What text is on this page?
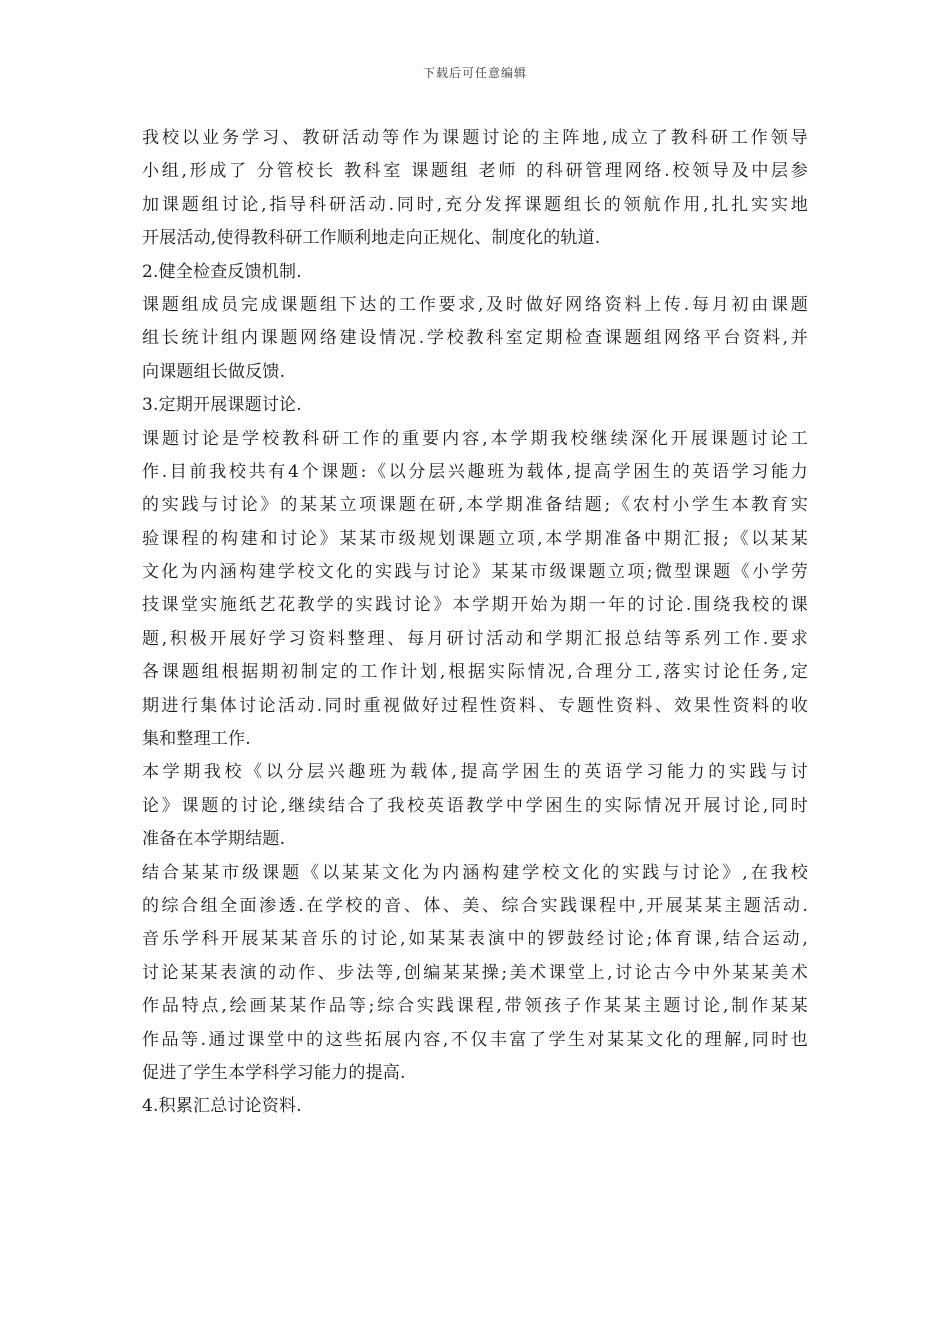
下载后可任意编辑
我校以业务学习、教研活动等作为课题讨论的主阵地,成立了教科研工作领导
小组,形成了 分管校长 教科室 课题组 老师 的科研管理网络.校领导及中层参
加课题组讨论,指导科研活动.同时,充分发挥课题组长的领航作用,扎扎实实地
开展活动,使得教科研工作顺利地走向正规化、制度化的轨道.
2.健全检查反馈机制.
课题组成员完成课题组下达的工作要求,及时做好网络资料上传.每月初由课题
组长统计组内课题网络建设情况.学校教科室定期检查课题组网络平台资料,并
向课题组长做反馈.
3.定期开展课题讨论.
课题讨论是学校教科研工作的重要内容,本学期我校继续深化开展课题讨论工
作.目前我校共有4个课题:《以分层兴趣班为载体,提高学困生的英语学习能力
的实践与讨论》的某某立项课题在研,本学期准备结题;《农村小学生本教育实
验课程的构建和讨论》某某市级规划课题立项,本学期准备中期汇报;《以某某
文化为内涵构建学校文化的实践与讨论》某某市级课题立项;微型课题《小学劳
技课堂实施纸艺花教学的实践讨论》本学期开始为期一年的讨论.围绕我校的课
题,积极开展好学习资料整理、每月研讨活动和学期汇报总结等系列工作.要求
各课题组根据期初制定的工作计划,根据实际情况,合理分工,落实讨论任务,定
期进行集体讨论活动.同时重视做好过程性资料、专题性资料、效果性资料的收
集和整理工作.
本学期我校《以分层兴趣班为载体,提高学困生的英语学习能力的实践与讨
论》课题的讨论,继续结合了我校英语教学中学困生的实际情况开展讨论,同时
准备在本学期结题.
结合某某市级课题《以某某文化为内涵构建学校文化的实践与讨论》,在我校
的综合组全面渗透.在学校的音、体、美、综合实践课程中,开展某某主题活动.
音乐学科开展某某音乐的讨论,如某某表演中的锣鼓经讨论;体育课,结合运动,
讨论某某表演的动作、步法等,创编某某操;美术课堂上,讨论古今中外某某美术
作品特点,绘画某某作品等;综合实践课程,带领孩子作某某主题讨论,制作某某
作品等.通过课堂中的这些拓展内容,不仅丰富了学生对某某文化的理解,同时也
促进了学生本学科学习能力的提高.
4.积累汇总讨论资料.
